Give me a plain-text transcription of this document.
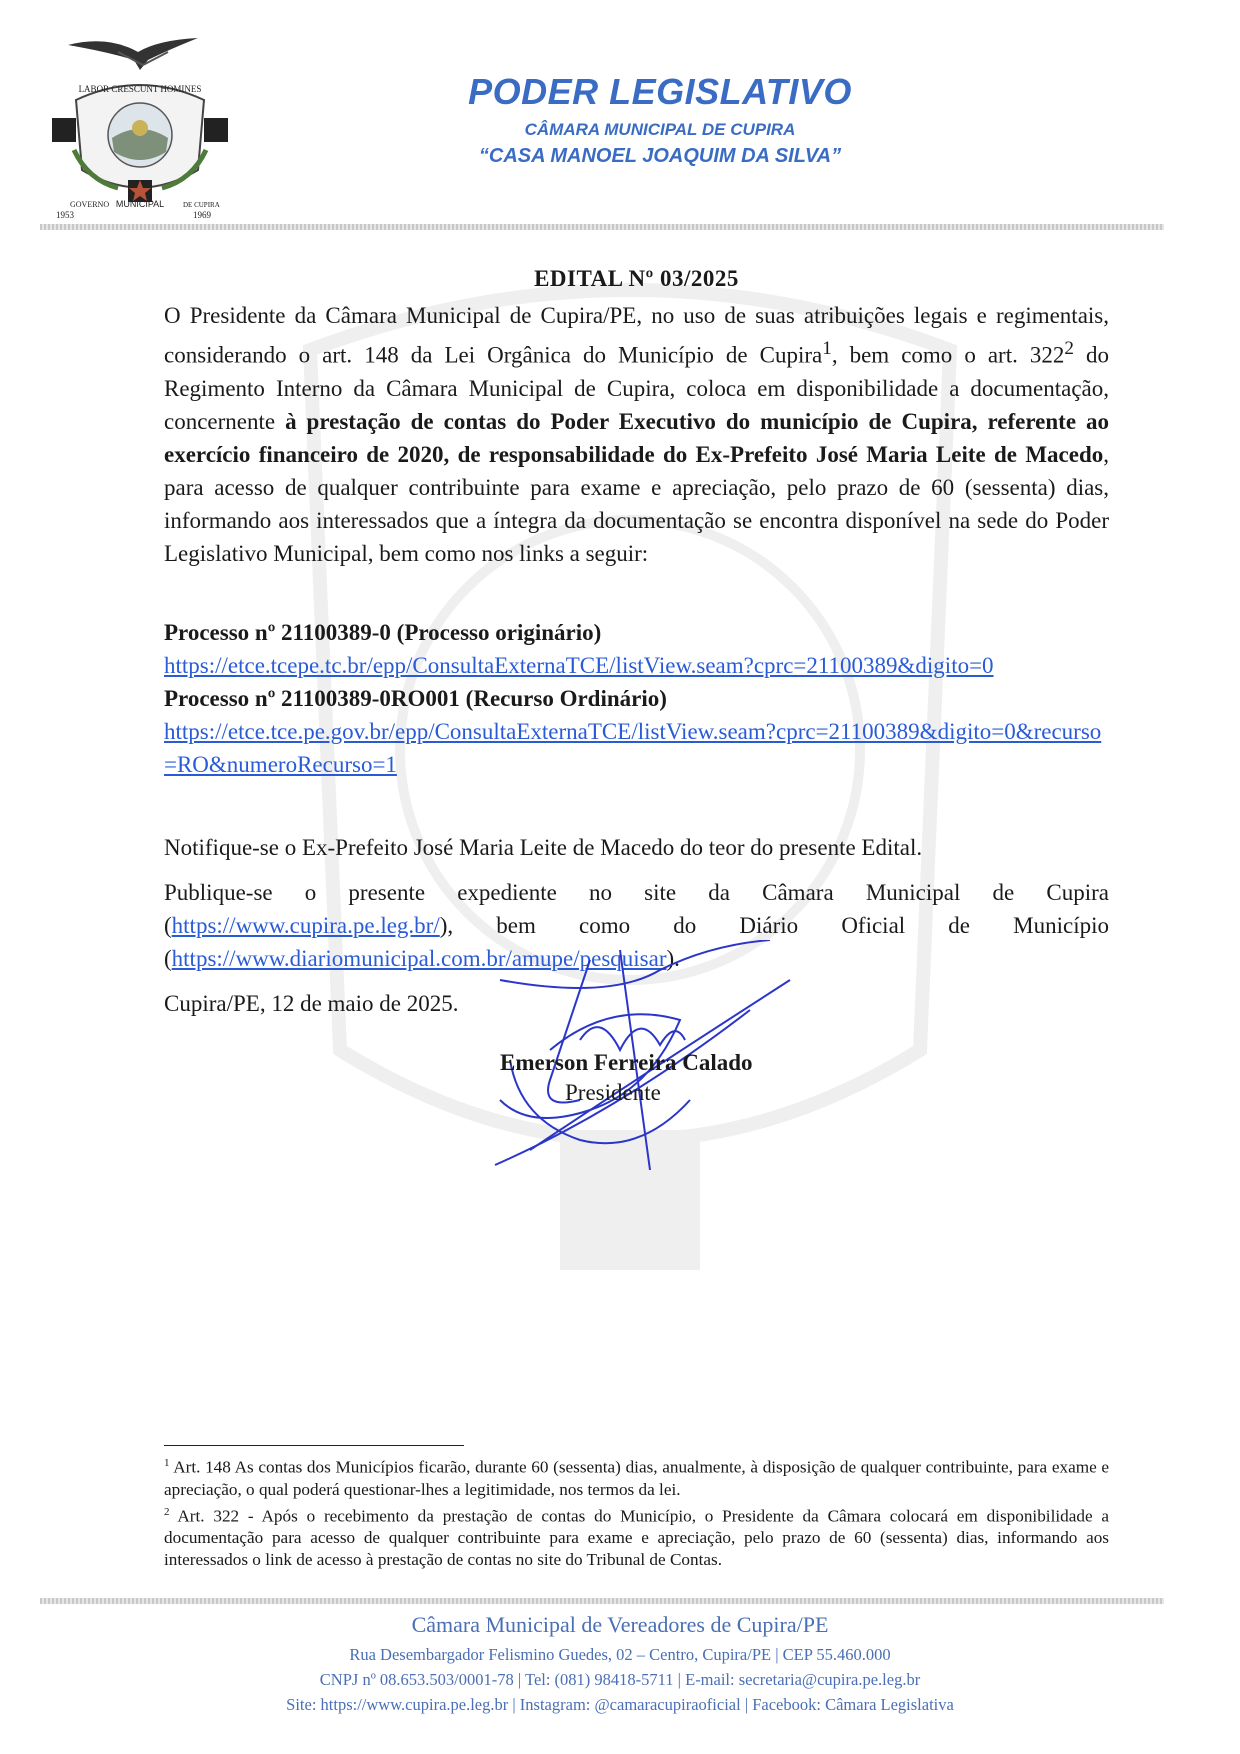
LABOR CRESCUNT HOMINES
GOVERNO MUNICIPAL	DE CUPIRA
1953	1969
PODER LEGISLATIVO
CÂMARA MUNICIPAL DE CUPIRA
“CASA MANOEL JOAQUIM DA SILVA”

EDITAL Nº 03/2025

O Presidente da Câmara Municipal de Cupira/PE, no uso de suas atribuições legais e regimentais, considerando o art. 148 da Lei Orgânica do Município de Cupira$^1$, bem como o art. $322^2$ do Regimento Interno da Câmara Municipal de Cupira, coloca em disponibilidade a documentação, concernente à prestação de contas do Poder Executivo do município de Cupira, referente ao exercício financeiro de 2020, de responsabilidade do Ex-Prefeito José Maria Leite de Macedo, para acesso de qualquer contribuinte para exame e apreciação, pelo prazo de 60 (sessenta) dias, informando aos interessados que a íntegra da documentação se encontra disponível na sede do Poder Legislativo Municipal, bem como nos links a seguir:

Processo nº 21100389-0 (Processo originário)

https://etce.tcepe.tc.br/epp/ConsultaExternaTCE/listView.seam?cprc=21100389&digito=0

Processo nº 21100389-0RO001 (Recurso Ordinário)

https://etce.tce.pe.gov.br/epp/ConsultaExternaTCE/listView.seam?cprc=21100389&digito=0&recurso=RO&numeroRecurso=1

Notifique-se o Ex-Prefeito José Maria Leite de Macedo do teor do presente Edital.

Publique-se o presente expediente no site da Câmara Municipal de Cupira (https://www.cupira.pe.leg.br/), bem como do Diário Oficial de Município (https://www.diariomunicipal.com.br/amupe/pesquisar).

Cupira/PE, 12 de maio de 2025.

Emerson Ferreira Calado
Presidente

$^1$ Art. 148 As contas dos Municípios ficarão, durante 60 (sessenta) dias, anualmente, à disposição de qualquer contribuinte, para exame e apreciação, o qual poderá questionar-lhes a legitimidade, nos termos da lei.

$^2$ Art. 322 - Após o recebimento da prestação de contas do Município, o Presidente da Câmara colocará em disponibilidade a documentação para acesso de qualquer contribuinte para exame e apreciação, pelo prazo de 60 (sessenta) dias, informando aos interessados o link de acesso à prestação de contas no site do Tribunal de Contas.

Câmara Municipal de Vereadores de Cupira/PE
Rua Desembargador Felismino Guedes, 02 – Centro, Cupira/PE | CEP 55.460.000
CNPJ nº 08.653.503/0001-78 | Tel: (081) 98418-5711 | E-mail: secretaria@cupira.pe.leg.br
Site: https://www.cupira.pe.leg.br | Instagram: @camaracupiraoficial | Facebook: Câmara Legislativa
